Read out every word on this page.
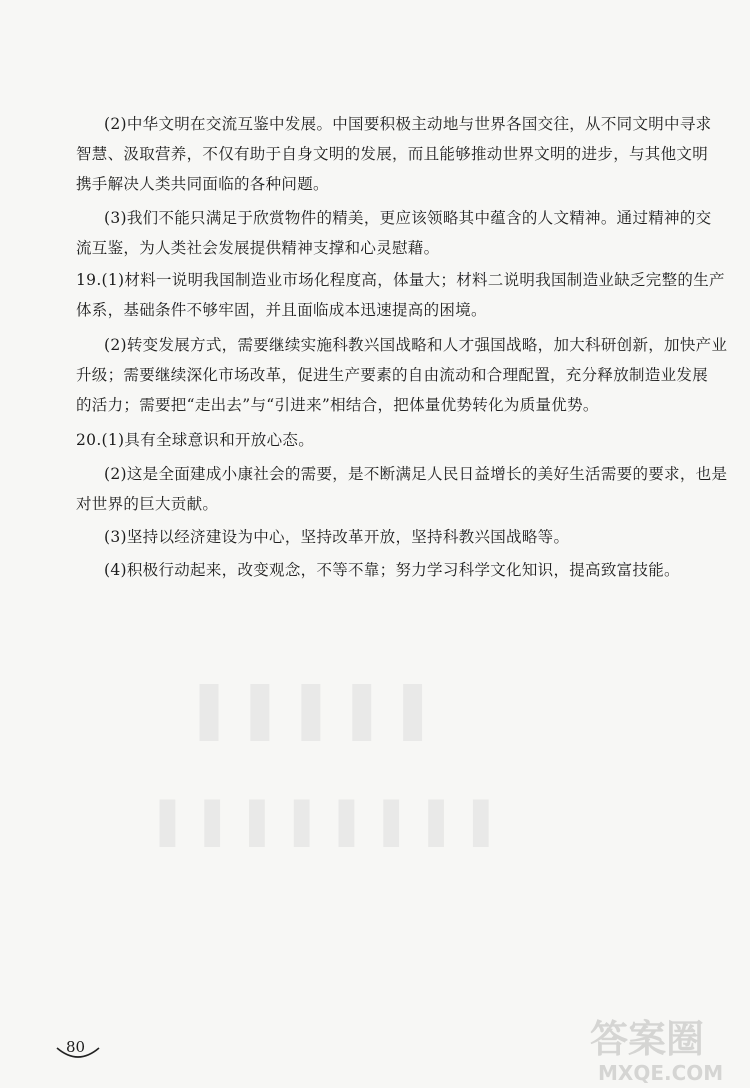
▌▌▌▌▌
▌▌▌▌▌▌▌▌
(2)中华文明在交流互鉴中发展。中国要积极主动地与世界各国交往，从不同文明中寻求
智慧、汲取营养，不仅有助于自身文明的发展，而且能够推动世界文明的进步，与其他文明
携手解决人类共同面临的各种问题。
(3)我们不能只满足于欣赏物件的精美，更应该领略其中蕴含的人文精神。通过精神的交
流互鉴，为人类社会发展提供精神支撑和心灵慰藉。
19.(1)材料一说明我国制造业市场化程度高，体量大；材料二说明我国制造业缺乏完整的生产
体系，基础条件不够牢固，并且面临成本迅速提高的困境。
(2)转变发展方式，需要继续实施科教兴国战略和人才强国战略，加大科研创新，加快产业
升级；需要继续深化市场改革，促进生产要素的自由流动和合理配置，充分释放制造业发展
的活力；需要把“走出去”与“引进来”相结合，把体量优势转化为质量优势。
20.(1)具有全球意识和开放心态。
(2)这是全面建成小康社会的需要，是不断满足人民日益增长的美好生活需要的要求，也是
对世界的巨大贡献。
(3)坚持以经济建设为中心，坚持改革开放，坚持科教兴国战略等。
(4)积极行动起来，改变观念，不等不靠；努力学习科学文化知识，提高致富技能。
80	答案圈
MXQE.COM
